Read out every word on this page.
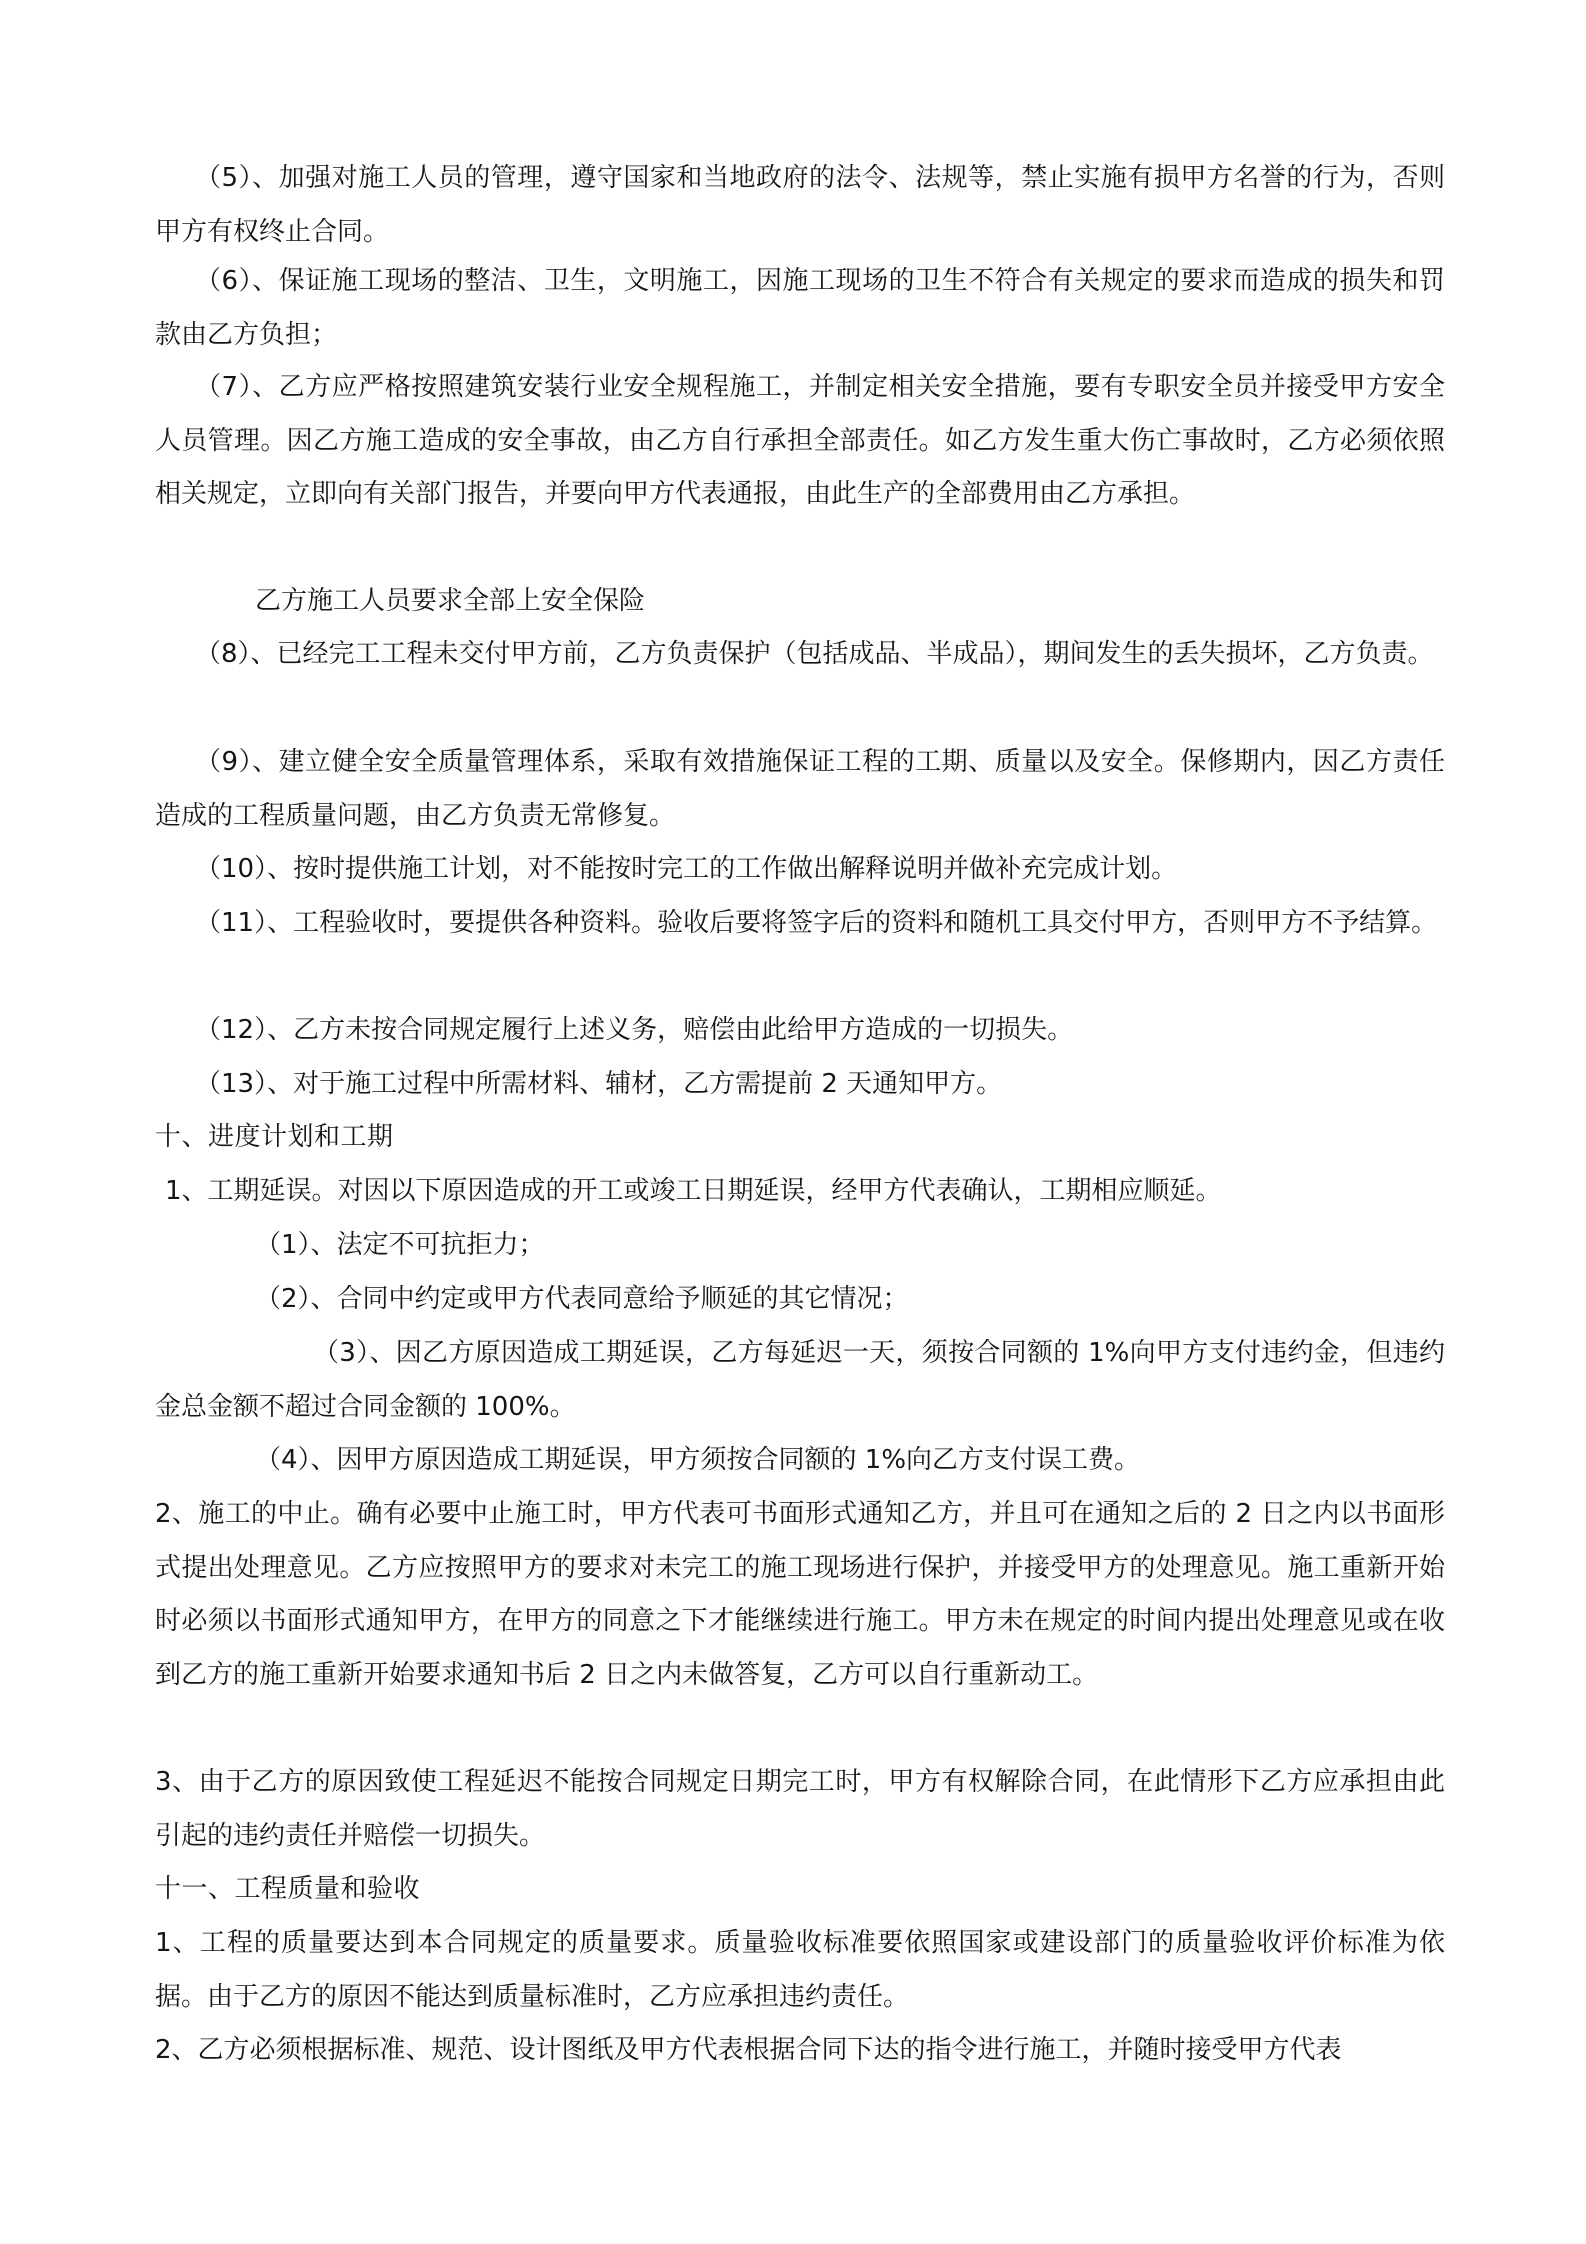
（5）、加强对施工人员的管理，遵守国家和当地政府的法令、法规等，禁止实施有损甲方名誉的行为，否则甲方有权终止合同。

（6）、保证施工现场的整洁、卫生，文明施工，因施工现场的卫生不符合有关规定的要求而造成的损失和罚款由乙方负担；

（7）、乙方应严格按照建筑安装行业安全规程施工，并制定相关安全措施，要有专职安全员并接受甲方安全人员管理。因乙方施工造成的安全事故，由乙方自行承担全部责任。如乙方发生重大伤亡事故时，乙方必须依照相关规定，立即向有关部门报告，并要向甲方代表通报，由此生产的全部费用由乙方承担。

乙方施工人员要求全部上安全保险

（8）、已经完工工程未交付甲方前，乙方负责保护（包括成品、半成品），期间发生的丢失损坏，乙方负责。

（9）、建立健全安全质量管理体系，采取有效措施保证工程的工期、质量以及安全。保修期内，因乙方责任造成的工程质量问题，由乙方负责无常修复。

（10）、按时提供施工计划，对不能按时完工的工作做出解释说明并做补充完成计划。

（11）、工程验收时，要提供各种资料。验收后要将签字后的资料和随机工具交付甲方，否则甲方不予结算。

（12）、乙方未按合同规定履行上述义务，赔偿由此给甲方造成的一切损失。

（13）、对于施工过程中所需材料、辅材，乙方需提前 2 天通知甲方。

十、进度计划和工期

1、工期延误。对因以下原因造成的开工或竣工日期延误，经甲方代表确认，工期相应顺延。

（1）、法定不可抗拒力；

（2）、合同中约定或甲方代表同意给予顺延的其它情况；

（3）、因乙方原因造成工期延误，乙方每延迟一天，须按合同额的 1%向甲方支付违约金，但违约金总金额不超过合同金额的 100%。

（4）、因甲方原因造成工期延误，甲方须按合同额的 1%向乙方支付误工费。

2、施工的中止。确有必要中止施工时，甲方代表可书面形式通知乙方，并且可在通知之后的 2 日之内以书面形式提出处理意见。乙方应按照甲方的要求对未完工的施工现场进行保护，并接受甲方的处理意见。施工重新开始时必须以书面形式通知甲方，在甲方的同意之下才能继续进行施工。甲方未在规定的时间内提出处理意见或在收到乙方的施工重新开始要求通知书后 2 日之内未做答复，乙方可以自行重新动工。

3、由于乙方的原因致使工程延迟不能按合同规定日期完工时，甲方有权解除合同，在此情形下乙方应承担由此引起的违约责任并赔偿一切损失。

十一、工程质量和验收

1、工程的质量要达到本合同规定的质量要求。质量验收标准要依照国家或建设部门的质量验收评价标准为依据。由于乙方的原因不能达到质量标准时，乙方应承担违约责任。

2、乙方必须根据标准、规范、设计图纸及甲方代表根据合同下达的指令进行施工，并随时接受甲方代表
